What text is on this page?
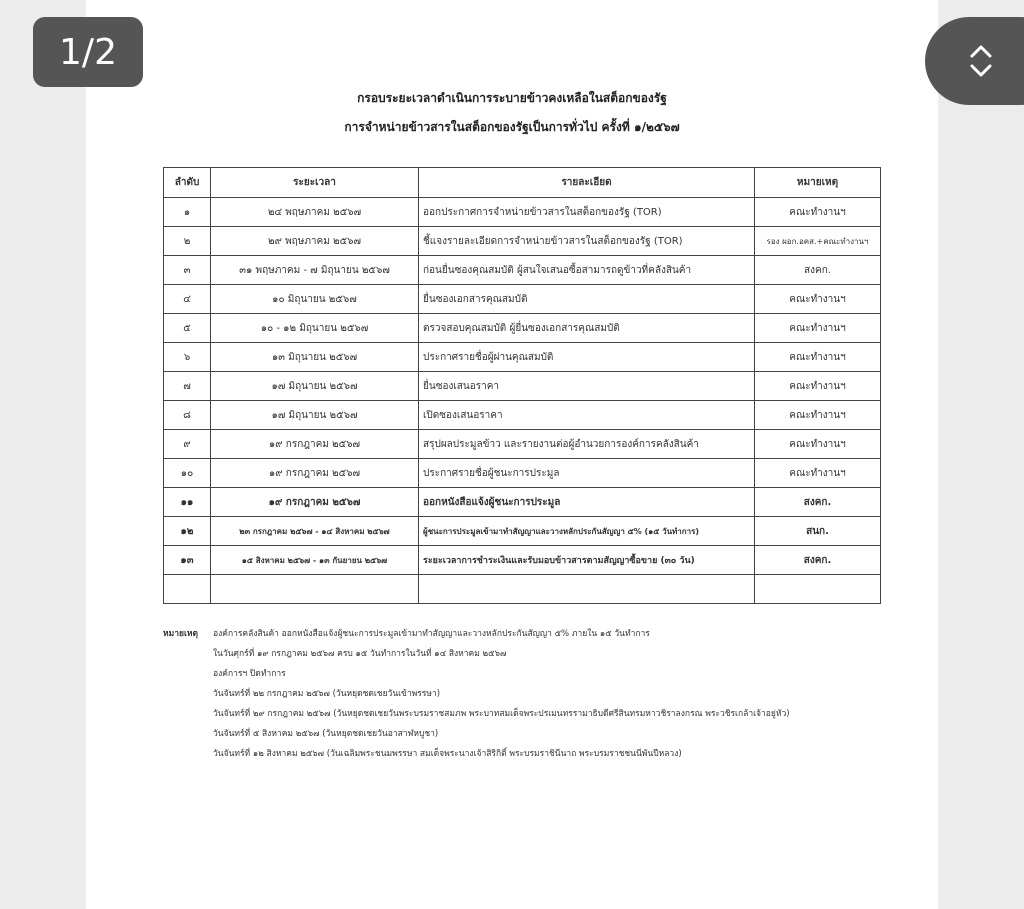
1/2
กรอบระยะเวลาดำเนินการระบายข้าวคงเหลือในสต็อกของรัฐ
การจำหน่ายข้าวสารในสต็อกของรัฐเป็นการทั่วไป ครั้งที่ ๑/๒๕๖๗
ลำดับ	ระยะเวลา	รายละเอียด	หมายเหตุ
๑	๒๔ พฤษภาคม ๒๕๖๗	ออกประกาศการจำหน่ายข้าวสารในสต็อกของรัฐ (TOR)	คณะทำงานฯ
๒	๒๙ พฤษภาคม ๒๕๖๗	ชี้แจงรายละเอียดการจำหน่ายข้าวสารในสต็อกของรัฐ (TOR)	รอง ผอก.อคส.+คณะทำงานฯ
๓	๓๑ พฤษภาคม - ๗ มิถุนายน ๒๕๖๗	ก่อนยื่นซองคุณสมบัติ ผู้สนใจเสนอซื้อสามารถดูข้าวที่คลังสินค้า	สงคก.
๔	๑๐ มิถุนายน ๒๕๖๗	ยื่นซองเอกสารคุณสมบัติ	คณะทำงานฯ
๕	๑๐ - ๑๒ มิถุนายน ๒๕๖๗	ตรวจสอบคุณสมบัติ ผู้ยื่นซองเอกสารคุณสมบัติ	คณะทำงานฯ
๖	๑๓ มิถุนายน ๒๕๖๗	ประกาศรายชื่อผู้ผ่านคุณสมบัติ	คณะทำงานฯ
๗	๑๗ มิถุนายน ๒๕๖๗	ยื่นซองเสนอราคา	คณะทำงานฯ
๘	๑๗ มิถุนายน ๒๕๖๗	เปิดซองเสนอราคา	คณะทำงานฯ
๙	๑๙ กรกฎาคม ๒๕๖๗	สรุปผลประมูลข้าว และรายงานต่อผู้อำนวยการองค์การคลังสินค้า	คณะทำงานฯ
๑๐	๑๙ กรกฎาคม ๒๕๖๗	ประกาศรายชื่อผู้ชนะการประมูล	คณะทำงานฯ
๑๑	๑๙ กรกฎาคม ๒๕๖๗	ออกหนังสือแจ้งผู้ชนะการประมูล	สงคก.
๑๒	๒๓ กรกฎาคม ๒๕๖๗ - ๑๔ สิงหาคม ๒๕๖๗	ผู้ชนะการประมูลเข้ามาทำสัญญาและวางหลักประกันสัญญา ๕% (๑๕ วันทำการ)	สนก.
๑๓	๑๕ สิงหาคม ๒๕๖๗ - ๑๓ กันยายน ๒๕๖๗	ระยะเวลาการชำระเงินและรับมอบข้าวสารตามสัญญาซื้อขาย (๓๐ วัน)	สงคก.

หมายเหตุ	องค์การคลังสินค้า ออกหนังสือแจ้งผู้ชนะการประมูลเข้ามาทำสัญญาและวางหลักประกันสัญญา ๕% ภายใน ๑๕ วันทำการ
ในวันศุกร์ที่ ๑๙ กรกฎาคม ๒๕๖๗ ครบ ๑๕ วันทำการในวันที่ ๑๔ สิงหาคม ๒๕๖๗
องค์การฯ ปิดทำการ
วันจันทร์ที่ ๒๒ กรกฎาคม ๒๕๖๗ (วันหยุดชดเชยวันเข้าพรรษา)
วันจันทร์ที่ ๒๙ กรกฎาคม ๒๕๖๗ (วันหยุดชดเชยวันพระบรมราชสมภพ พระบาทสมเด็จพระปรเมนทรรามาธิบดีศรีสินทรมหาวชิราลงกรณ พระวชิรเกล้าเจ้าอยู่หัว)
วันจันทร์ที่ ๕ สิงหาคม ๒๕๖๗ (วันหยุดชดเชยวันอาสาฬหบูชา)
วันจันทร์ที่ ๑๒ สิงหาคม ๒๕๖๗ (วันเฉลิมพระชนมพรรษา สมเด็จพระนางเจ้าสิริกิติ์ พระบรมราชินีนาถ พระบรมราชชนนีพันปีหลวง)
